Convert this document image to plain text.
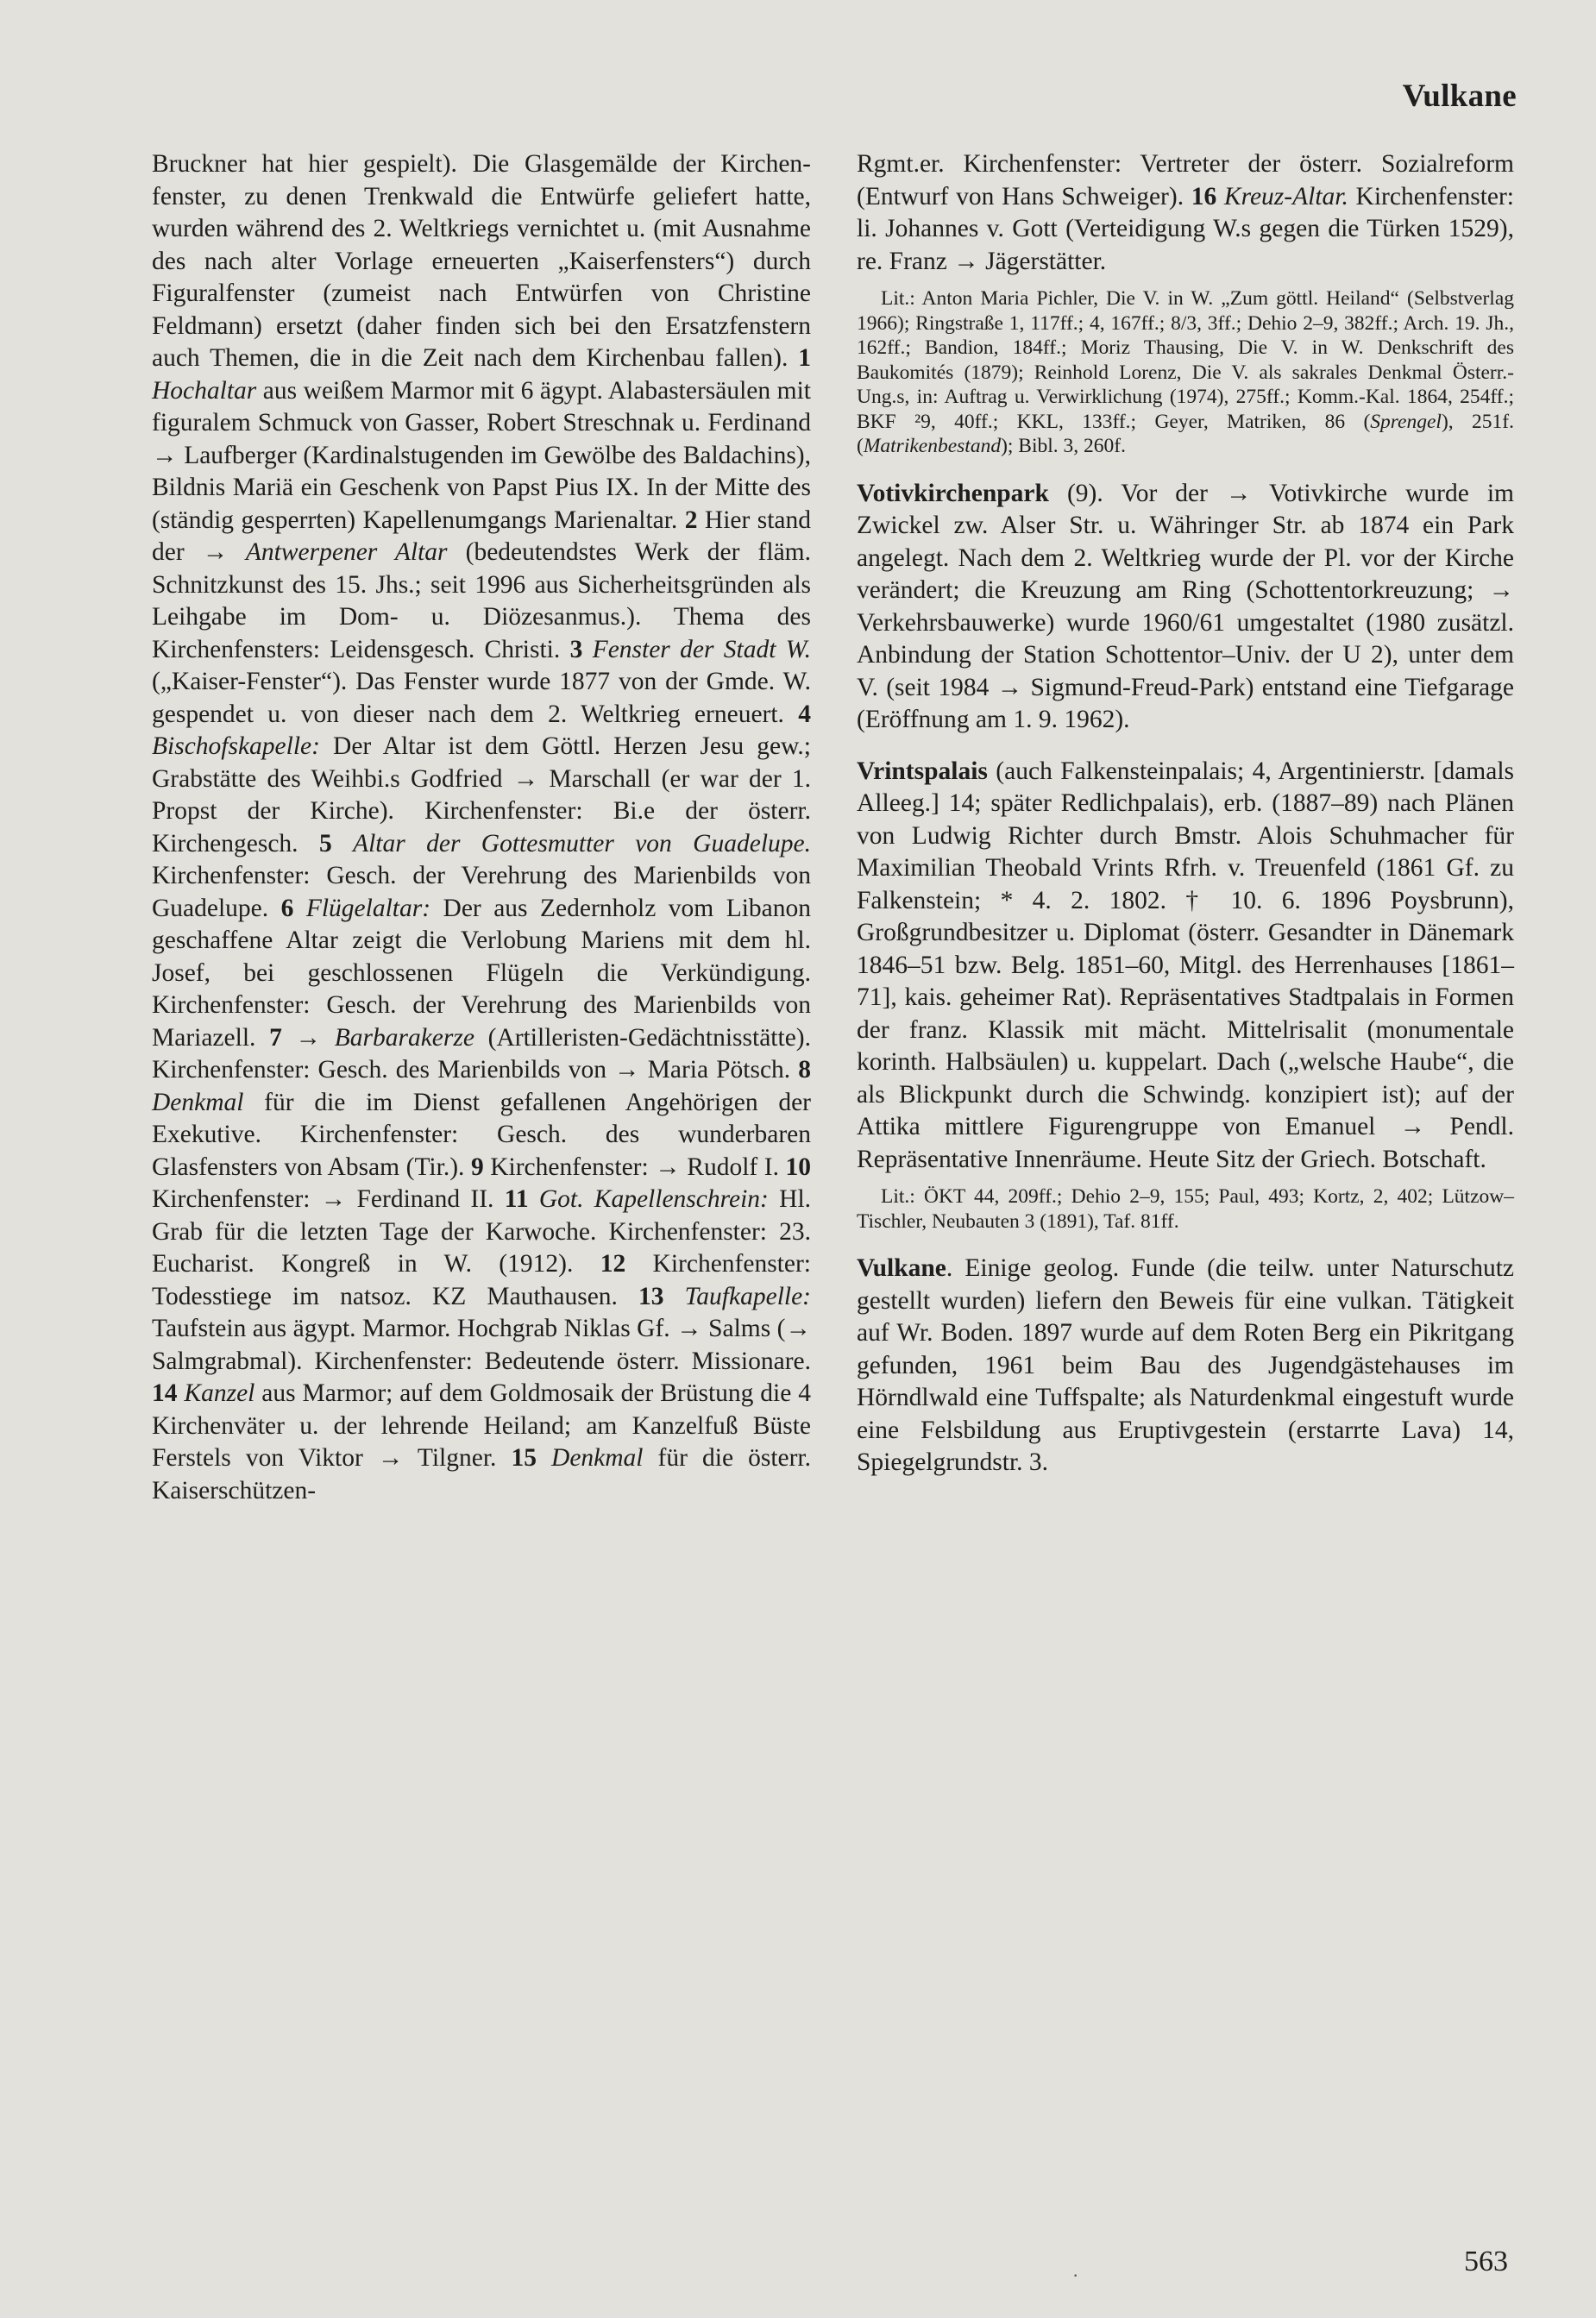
Vulkane

Bruckner hat hier gespielt). Die Glasgemälde der Kirchenfenster, zu denen Trenkwald die Entwürfe geliefert hatte, wurden während des 2. Weltkriegs vernichtet u. (mit Ausnahme des nach alter Vorlage erneuerten „Kaiserfensters“) durch Figuralfenster (zumeist nach Entwürfen von Christine Feldmann) ersetzt (daher finden sich bei den Ersatzfenstern auch Themen, die in die Zeit nach dem Kirchenbau fallen). 1 Hochaltar aus weißem Marmor mit 6 ägypt. Alabastersäulen mit figuralem Schmuck von Gasser, Robert Streschnak u. Ferdinand → Laufberger (Kardinalstugenden im Gewölbe des Baldachins), Bildnis Mariä ein Geschenk von Papst Pius IX. In der Mitte des (ständig gesperrten) Kapellenumgangs Marienaltar. 2 Hier stand der → Antwerpener Altar (bedeutendstes Werk der fläm. Schnitzkunst des 15. Jhs.; seit 1996 aus Sicherheitsgründen als Leihgabe im Dom- u. Diözesanmus.). Thema des Kirchenfensters: Leidensgesch. Christi. 3 Fenster der Stadt W. („Kaiser-Fenster“). Das Fenster wurde 1877 von der Gmde. W. gespendet u. von dieser nach dem 2. Weltkrieg erneuert. 4 Bischofskapelle: Der Altar ist dem Göttl. Herzen Jesu gew.; Grabstätte des Weihbi.s Godfried → Marschall (er war der 1. Propst der Kirche). Kirchenfenster: Bi.e der österr. Kirchengesch. 5 Altar der Gottesmutter von Guadelupe. Kirchenfenster: Gesch. der Verehrung des Marienbilds von Guadelupe. 6 Flügelaltar: Der aus Zedernholz vom Libanon geschaffene Altar zeigt die Verlobung Mariens mit dem hl. Josef, bei geschlossenen Flügeln die Verkündigung. Kirchenfenster: Gesch. der Verehrung des Marienbilds von Mariazell. 7 → Barbarakerze (Artilleristen-Gedächtnisstätte). Kirchenfenster: Gesch. des Marienbilds von → Maria Pötsch. 8 Denkmal für die im Dienst gefallenen Angehörigen der Exekutive. Kirchenfenster: Gesch. des wunderbaren Glasfensters von Absam (Tir.). 9 Kirchenfenster: → Rudolf I. 10 Kirchenfenster: → Ferdinand II. 11 Got. Kapellenschrein: Hl. Grab für die letzten Tage der Karwoche. Kirchenfenster: 23. Eucharist. Kongreß in W. (1912). 12 Kirchenfenster: Todesstiege im natsoz. KZ Mauthausen. 13 Taufkapelle: Taufstein aus ägypt. Marmor. Hochgrab Niklas Gf. → Salms (→ Salmgrabmal). Kirchenfenster: Bedeutende österr. Missionare. 14 Kanzel aus Marmor; auf dem Goldmosaik der Brüstung die 4 Kirchenväter u. der lehrende Heiland; am Kanzelfuß Büste Ferstels von Viktor → Tilgner. 15 Denkmal für die österr. Kaiserschützen-

Rgmt.er. Kirchenfenster: Vertreter der österr. Sozialreform (Entwurf von Hans Schweiger). 16 Kreuz-Altar. Kirchenfenster: li. Johannes v. Gott (Verteidigung W.s gegen die Türken 1529), re. Franz → Jägerstätter.

Lit.: Anton Maria Pichler, Die V. in W. „Zum göttl. Heiland“ (Selbstverlag 1966); Ringstraße 1, 117ff.; 4, 167ff.; 8/3, 3ff.; Dehio 2–9, 382ff.; Arch. 19. Jh., 162ff.; Bandion, 184ff.; Moriz Thausing, Die V. in W. Denkschrift des Baukomités (1879); Reinhold Lorenz, Die V. als sakrales Denkmal Österr.-Ung.s, in: Auftrag u. Verwirklichung (1974), 275ff.; Komm.-Kal. 1864, 254ff.; BKF ²9, 40ff.; KKL, 133ff.; Geyer, Matriken, 86 (Sprengel), 251f. (Matrikenbestand); Bibl. 3, 260f.

Votivkirchenpark (9). Vor der → Votivkirche wurde im Zwickel zw. Alser Str. u. Währinger Str. ab 1874 ein Park angelegt. Nach dem 2. Weltkrieg wurde der Pl. vor der Kirche verändert; die Kreuzung am Ring (Schottentorkreuzung; → Verkehrsbauwerke) wurde 1960/61 umgestaltet (1980 zusätzl. Anbindung der Station Schottentor–Univ. der U 2), unter dem V. (seit 1984 → Sigmund-Freud-Park) entstand eine Tiefgarage (Eröffnung am 1. 9. 1962).

Vrintspalais (auch Falkensteinpalais; 4, Argentinierstr. [damals Alleeg.] 14; später Redlichpalais), erb. (1887–89) nach Plänen von Ludwig Richter durch Bmstr. Alois Schuhmacher für Maximilian Theobald Vrints Rfrh. v. Treuenfeld (1861 Gf. zu Falkenstein; * 4. 2. 1802. † 10. 6. 1896 Poysbrunn), Großgrundbesitzer u. Diplomat (österr. Gesandter in Dänemark 1846–51 bzw. Belg. 1851–60, Mitgl. des Herrenhauses [1861–71], kais. geheimer Rat). Repräsentatives Stadtpalais in Formen der franz. Klassik mit mächt. Mittelrisalit (monumentale korinth. Halbsäulen) u. kuppelart. Dach („welsche Haube“, die als Blickpunkt durch die Schwindg. konzipiert ist); auf der Attika mittlere Figurengruppe von Emanuel → Pendl. Repräsentative Innenräume. Heute Sitz der Griech. Botschaft.

Lit.: ÖKT 44, 209ff.; Dehio 2–9, 155; Paul, 493; Kortz, 2, 402; Lützow–Tischler, Neubauten 3 (1891), Taf. 81ff.

Vulkane. Einige geolog. Funde (die teilw. unter Naturschutz gestellt wurden) liefern den Beweis für eine vulkan. Tätigkeit auf Wr. Boden. 1897 wurde auf dem Roten Berg ein Pikritgang gefunden, 1961 beim Bau des Jugendgästehauses im Hörndlwald eine Tuffspalte; als Naturdenkmal eingestuft wurde eine Felsbildung aus Eruptivgestein (erstarrte Lava) 14, Spiegelgrundstr. 3.

·	563
